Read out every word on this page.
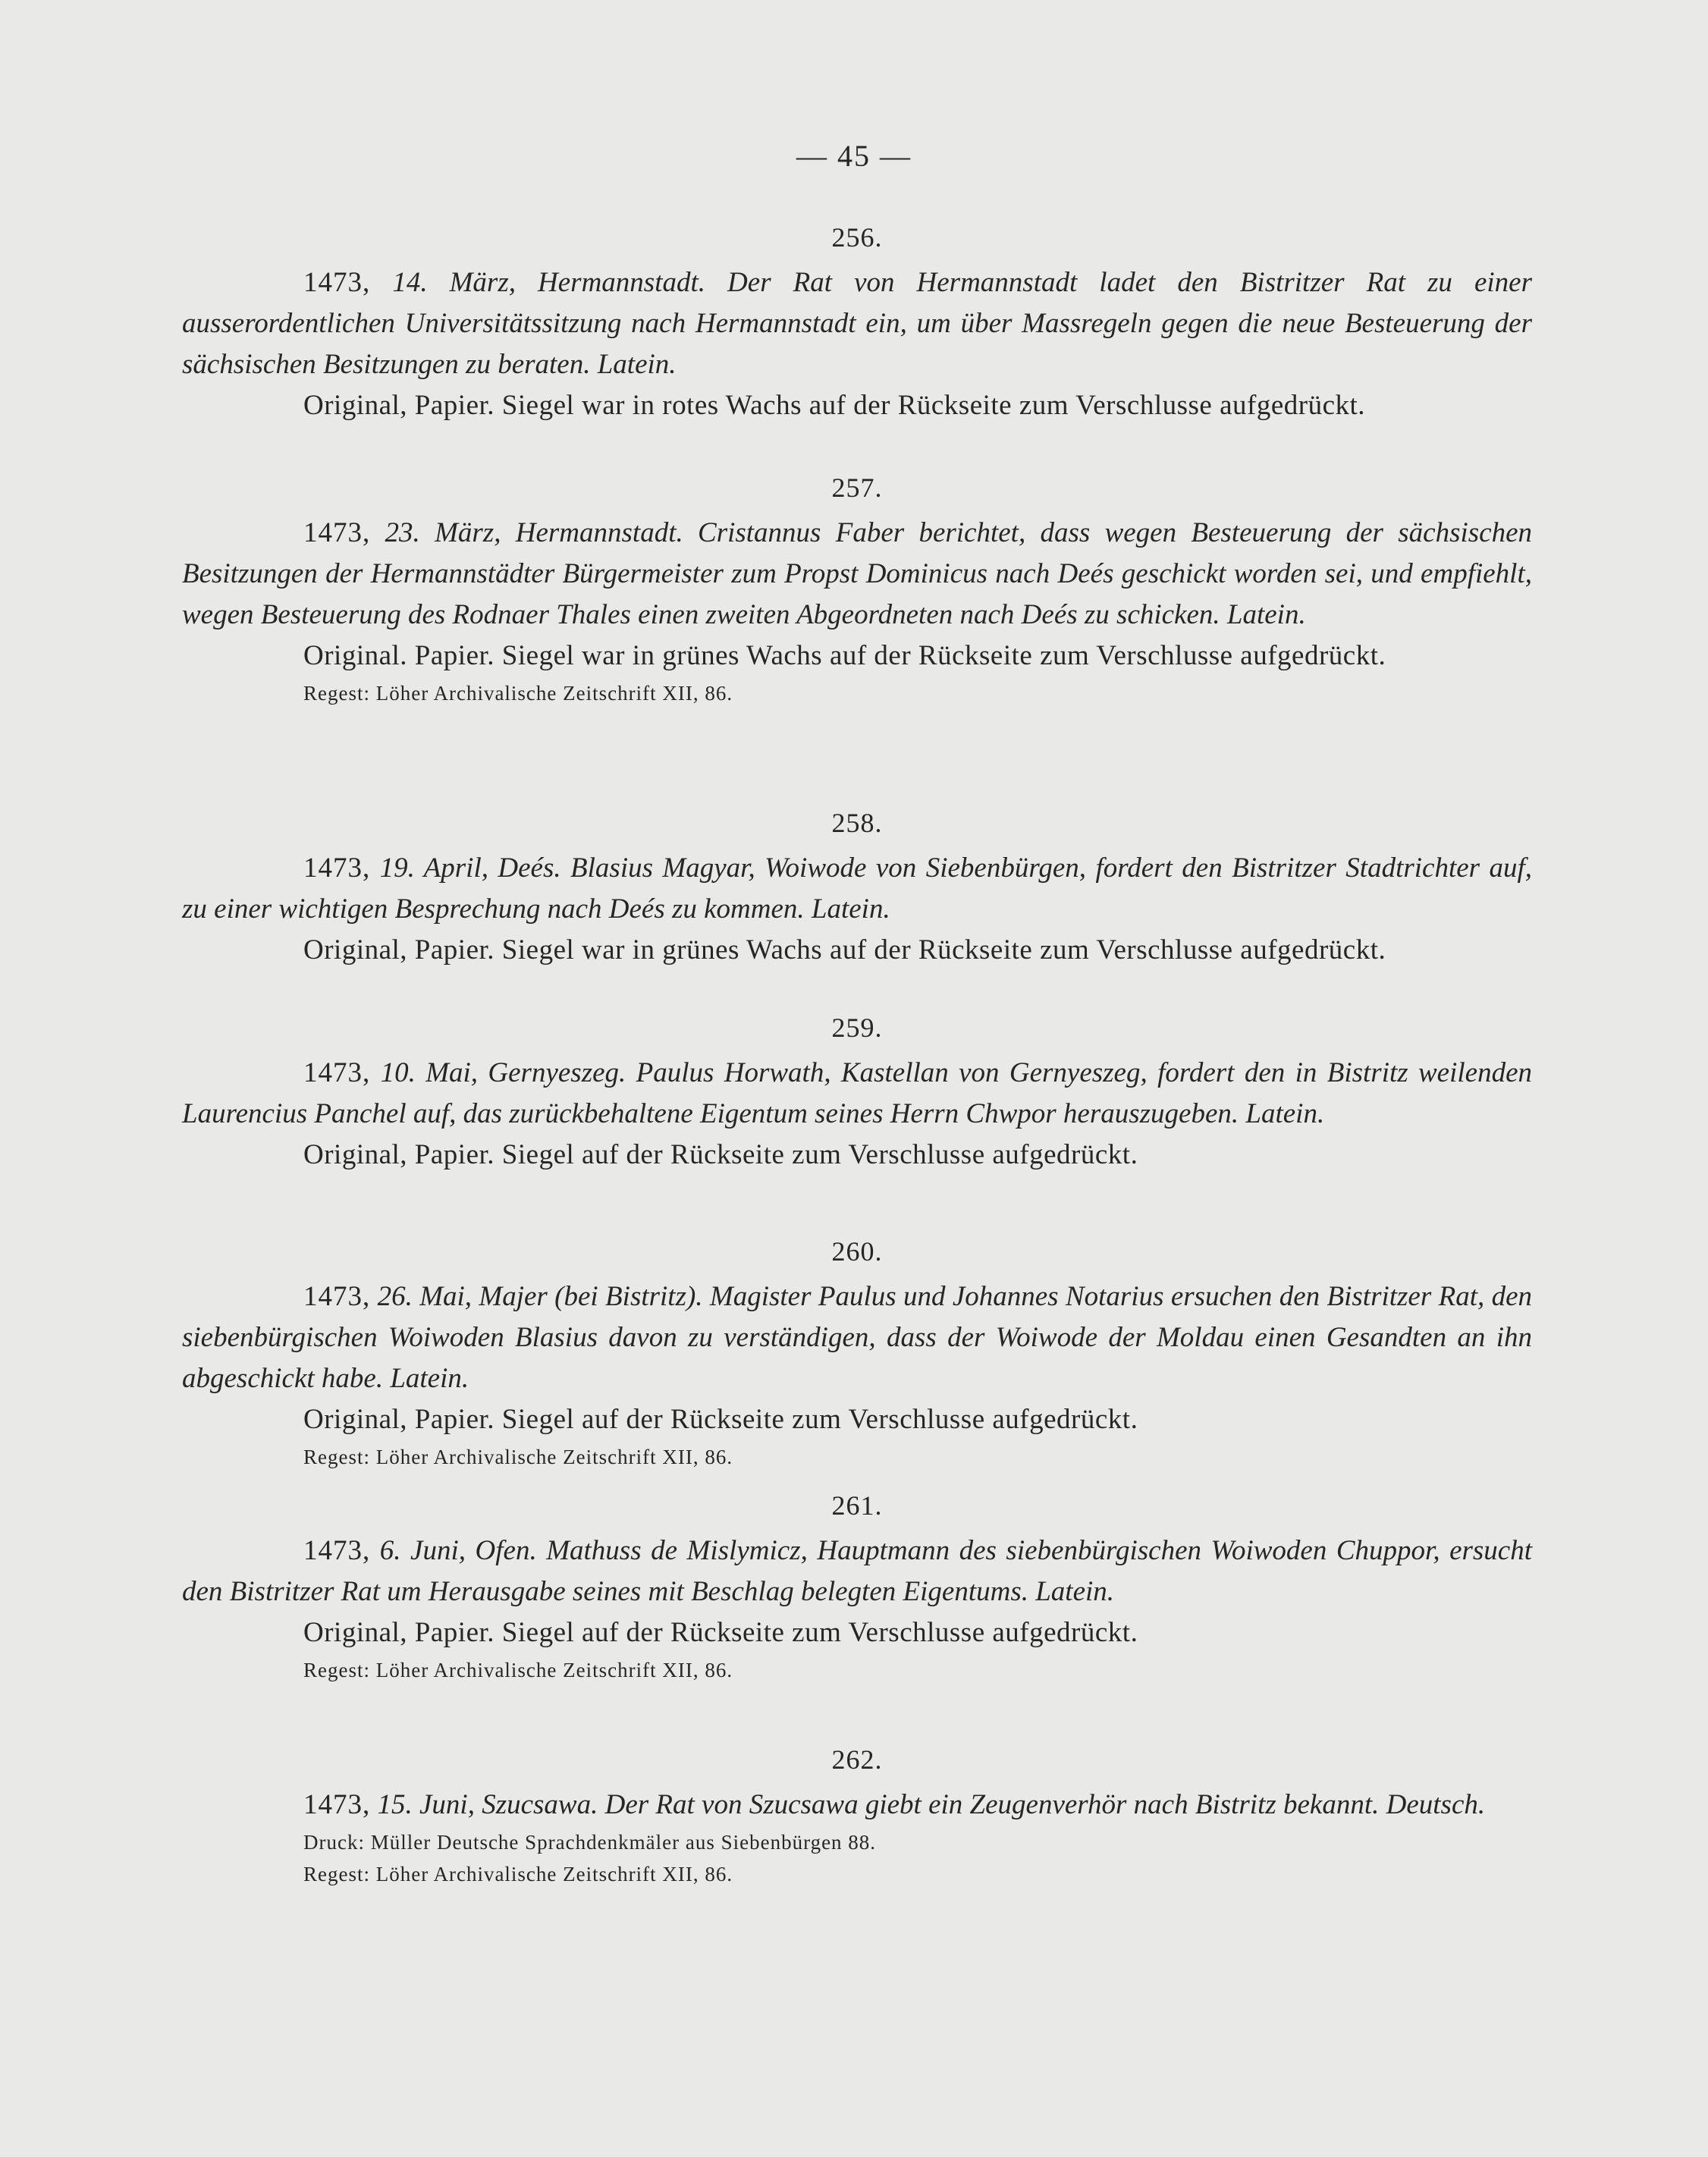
— 45 —
256.

1473, 14. März, Hermannstadt. Der Rat von Hermannstadt ladet den Bistritzer Rat zu einer ausserordentlichen Universitätssitzung nach Hermannstadt ein, um über Massregeln gegen die neue Besteuerung der sächsischen Besitzungen zu beraten. Latein.

Original, Papier. Siegel war in rotes Wachs auf der Rückseite zum Verschlusse aufgedrückt.

257.

1473, 23. März, Hermannstadt. Cristannus Faber berichtet, dass wegen Besteuerung der sächsischen Besitzungen der Hermannstädter Bürgermeister zum Propst Dominicus nach Deés geschickt worden sei, und empfiehlt, wegen Besteuerung des Rodnaer Thales einen zweiten Abgeordneten nach Deés zu schicken. Latein.

Original. Papier. Siegel war in grünes Wachs auf der Rückseite zum Verschlusse aufgedrückt.

Regest: Löher Archivalische Zeitschrift XII, 86.

258.

1473, 19. April, Deés. Blasius Magyar, Woiwode von Siebenbürgen, fordert den Bistritzer Stadtrichter auf, zu einer wichtigen Besprechung nach Deés zu kommen. Latein.

Original, Papier. Siegel war in grünes Wachs auf der Rückseite zum Verschlusse aufgedrückt.

259.

1473, 10. Mai, Gernyeszeg. Paulus Horwath, Kastellan von Gernyeszeg, fordert den in Bistritz weilenden Laurencius Panchel auf, das zurückbehaltene Eigentum seines Herrn Chwpor herauszugeben. Latein.

Original, Papier. Siegel auf der Rückseite zum Verschlusse aufgedrückt.

260.

1473, 26. Mai, Majer (bei Bistritz). Magister Paulus und Johannes Notarius ersuchen den Bistritzer Rat, den siebenbürgischen Woiwoden Blasius davon zu verständigen, dass der Woiwode der Moldau einen Gesandten an ihn abgeschickt habe. Latein.

Original, Papier. Siegel auf der Rückseite zum Verschlusse aufgedrückt.

Regest: Löher Archivalische Zeitschrift XII, 86.

261.

1473, 6. Juni, Ofen. Mathuss de Mislymicz, Hauptmann des siebenbürgischen Woiwoden Chuppor, ersucht den Bistritzer Rat um Herausgabe seines mit Beschlag belegten Eigentums. Latein.

Original, Papier. Siegel auf der Rückseite zum Verschlusse aufgedrückt.

Regest: Löher Archivalische Zeitschrift XII, 86.

262.

1473, 15. Juni, Szucsawa. Der Rat von Szucsawa giebt ein Zeugenverhör nach Bistritz bekannt. Deutsch.

Druck: Müller Deutsche Sprachdenkmäler aus Siebenbürgen 88.

Regest: Löher Archivalische Zeitschrift XII, 86.
